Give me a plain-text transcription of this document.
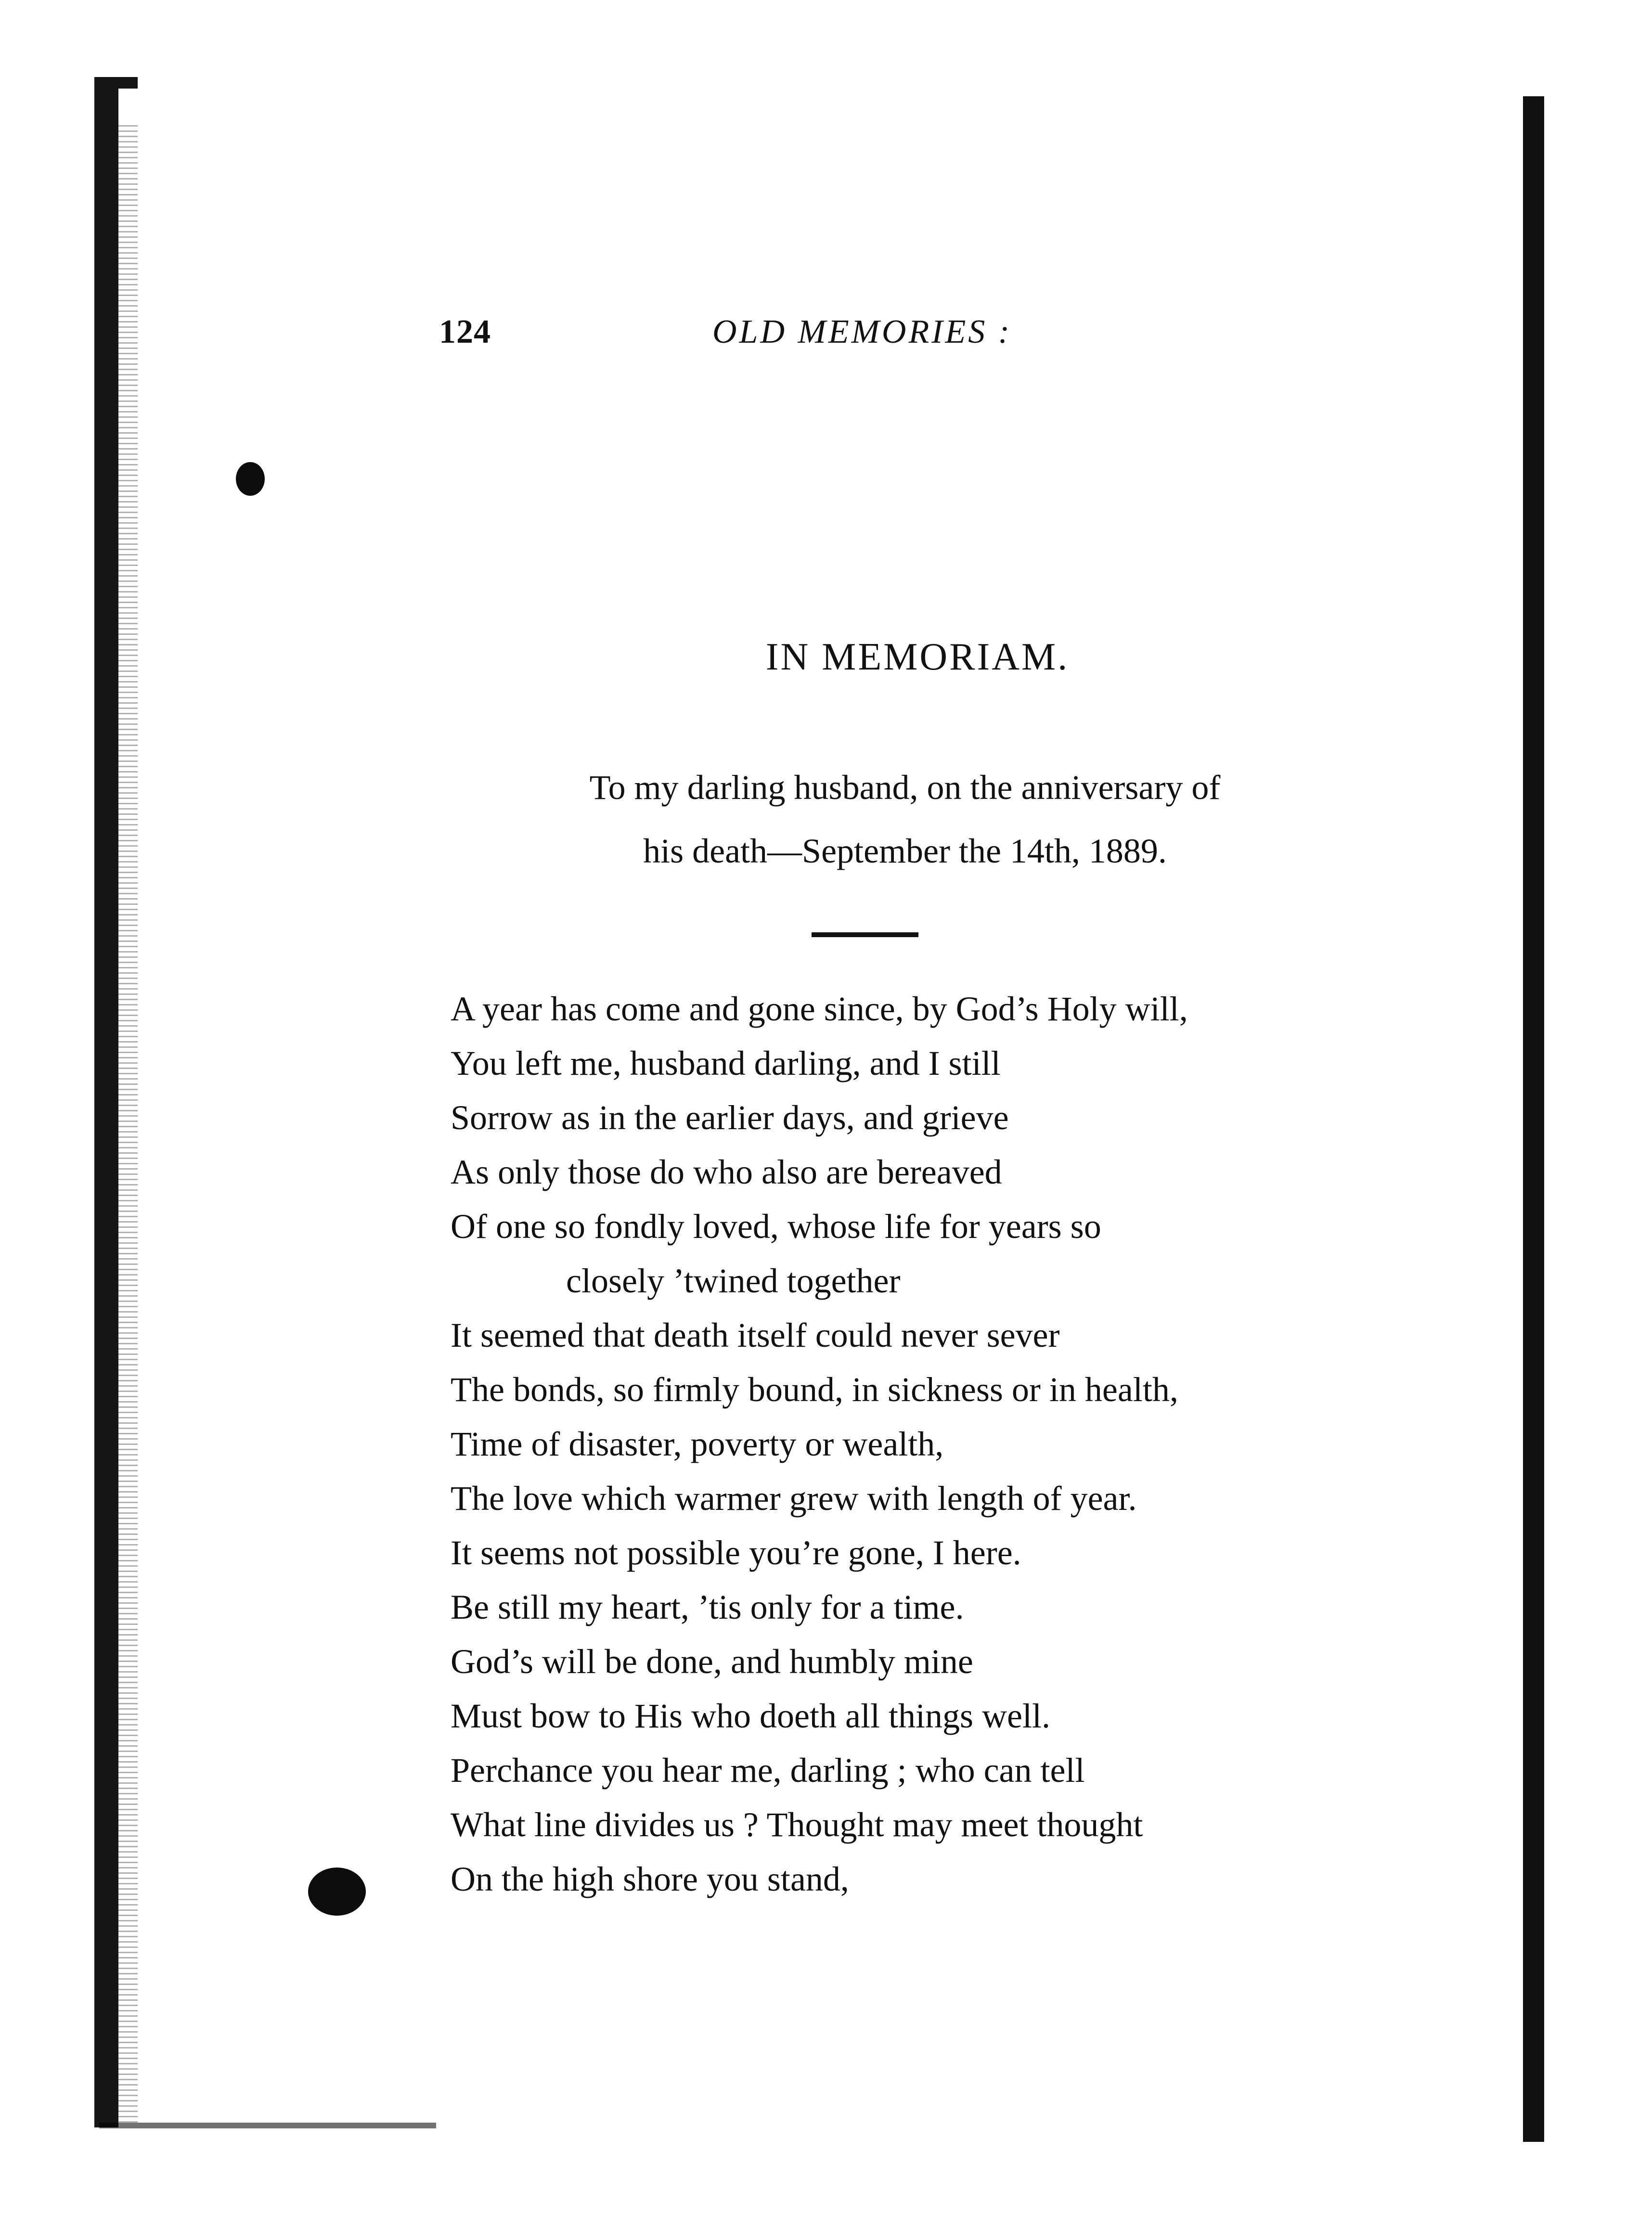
124	OLD MEMORIES :
IN MEMORIAM.
To my darling husband, on the anniversary of
his death—September the 14th, 1889.
A year has come and gone since, by God’s Holy will,
You left me, husband darling, and I still
Sorrow as in the earlier days, and grieve
As only those do who also are bereaved
Of one so fondly loved, whose life for years so
closely ’twined together
It seemed that death itself could never sever
The bonds, so firmly bound, in sickness or in health,
Time of disaster, poverty or wealth,
The love which warmer grew with length of year.
It seems not possible you’re gone, I here.
Be still my heart, ’tis only for a time.
God’s will be done, and humbly mine
Must bow to His who doeth all things well.
Perchance you hear me, darling ; who can tell
What line divides us ? Thought may meet thought
On the high shore you stand,
